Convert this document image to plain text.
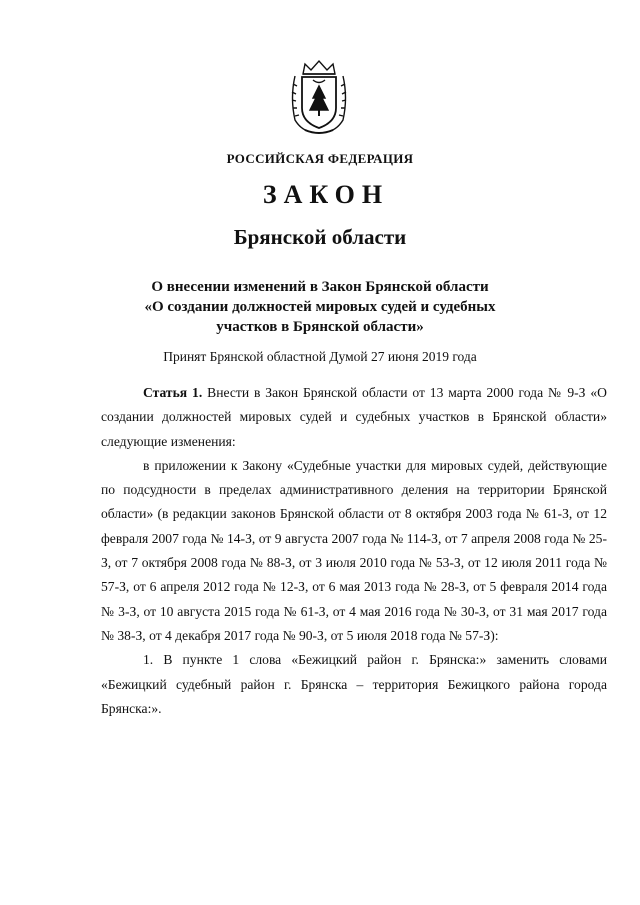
РОССИЙСКАЯ ФЕДЕРАЦИЯ
ЗАКОН
Брянской области
О внесении изменений в Закон Брянской области
«О создании должностей мировых судей и судебных
участков в Брянской области»
Принят Брянской областной Думой 27 июня 2019 года

Статья 1. Внести в Закон Брянской области от 13 марта 2000 года № 9-З «О создании должностей мировых судей и судебных участков в Брянской области» следующие изменения:

в приложении к Закону «Судебные участки для мировых судей, действующие по подсудности в пределах административного деления на территории Брянской области» (в редакции законов Брянской области от 8 октября 2003 года № 61-З, от 12 февраля 2007 года № 14-З, от 9 августа 2007 года № 114-З, от 7 апреля 2008 года № 25-З, от 7 октября 2008 года № 88-З, от 3 июля 2010 года № 53-З, от 12 июля 2011 года № 57-З, от 6 апреля 2012 года № 12-З, от 6 мая 2013 года № 28-З, от 5 февраля 2014 года № 3-З, от 10 августа 2015 года № 61-З, от 4 мая 2016 года № 30-З, от 31 мая 2017 года № 38-З, от 4 декабря 2017 года № 90-З, от 5 июля 2018 года № 57-З):

1. В пункте 1 слова «Бежицкий район г. Брянска:» заменить словами «Бежицкий судебный район г. Брянска – территория Бежицкого района города Брянска:».
